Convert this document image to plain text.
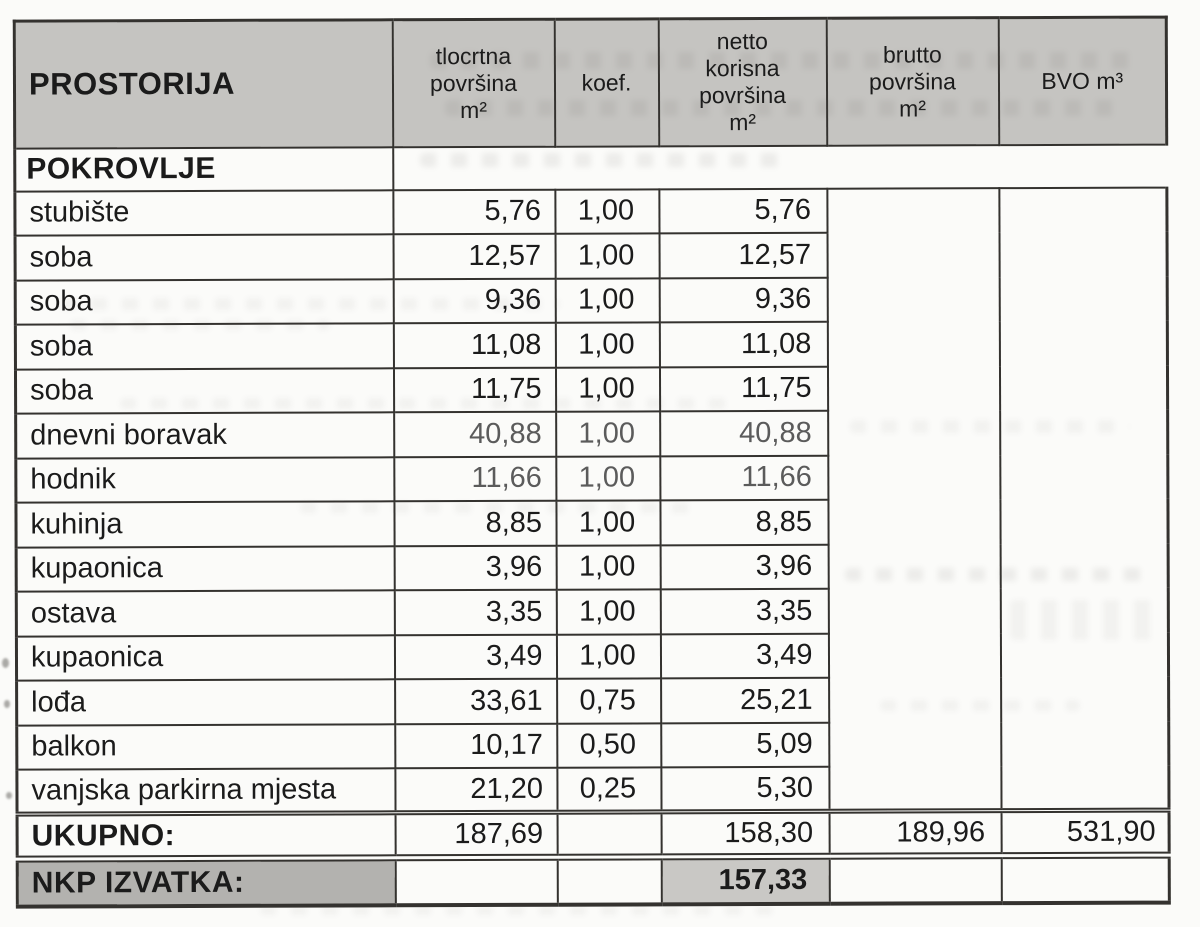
PROSTORIJA	tlocrtna
površina
m²	koef.	netto
korisna
površina
m²	brutto
površina
m²	BVO m³
POKROVLJE					
stubište	5,76	1,00	5,76		
soba	12,57	1,00	12,57		
soba	9,36	1,00	9,36		
soba	11,08	1,00	11,08		
soba	11,75	1,00	11,75		
dnevni boravak	40,88	1,00	40,88		
hodnik	11,66	1,00	11,66		
kuhinja	8,85	1,00	8,85		
kupaonica	3,96	1,00	3,96		
ostava	3,35	1,00	3,35		
kupaonica	3,49	1,00	3,49		
lođa	33,61	0,75	25,21		
balkon	10,17	0,50	5,09		
vanjska parkirna mjesta	21,20	0,25	5,30		
UKUPNO:	187,69		158,30	189,96	531,90
NKP IZVATKA:			157,33		
